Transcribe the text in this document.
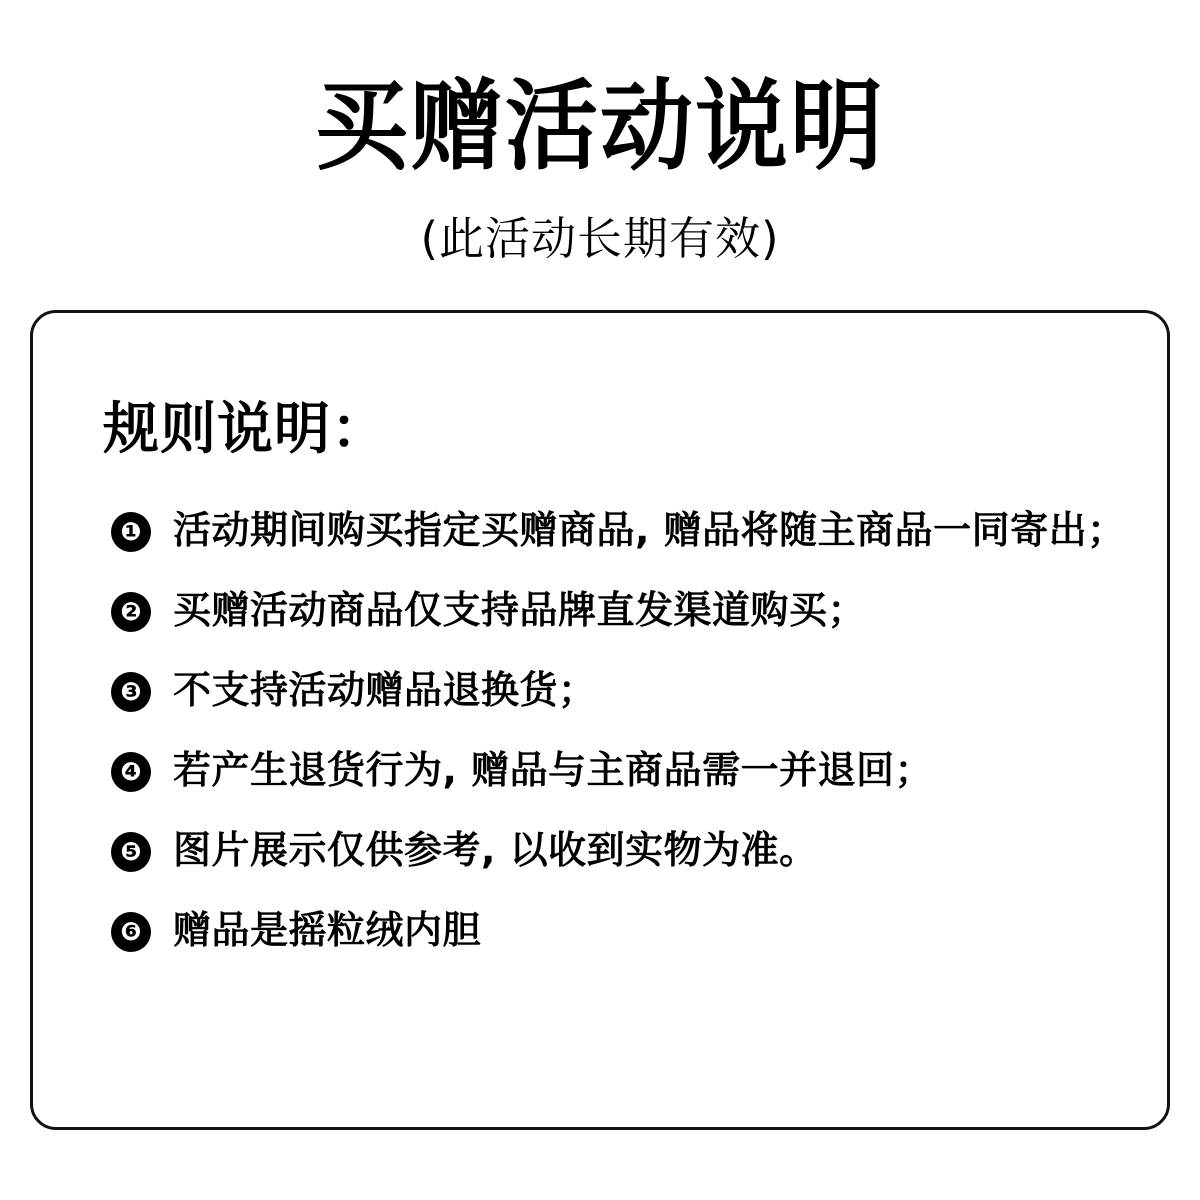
买赠活动说明
(此活动长期有效)
规则说明：
❶ 活动期间购买指定买赠商品, 赠品将随主商品一同寄出；
❷ 买赠活动商品仅支持品牌直发渠道购买；
❸ 不支持活动赠品退换货；
❹ 若产生退货行为, 赠品与主商品需一并退回；
❺ 图片展示仅供参考, 以收到实物为准。
❻ 赠品是摇粒绒内胆
